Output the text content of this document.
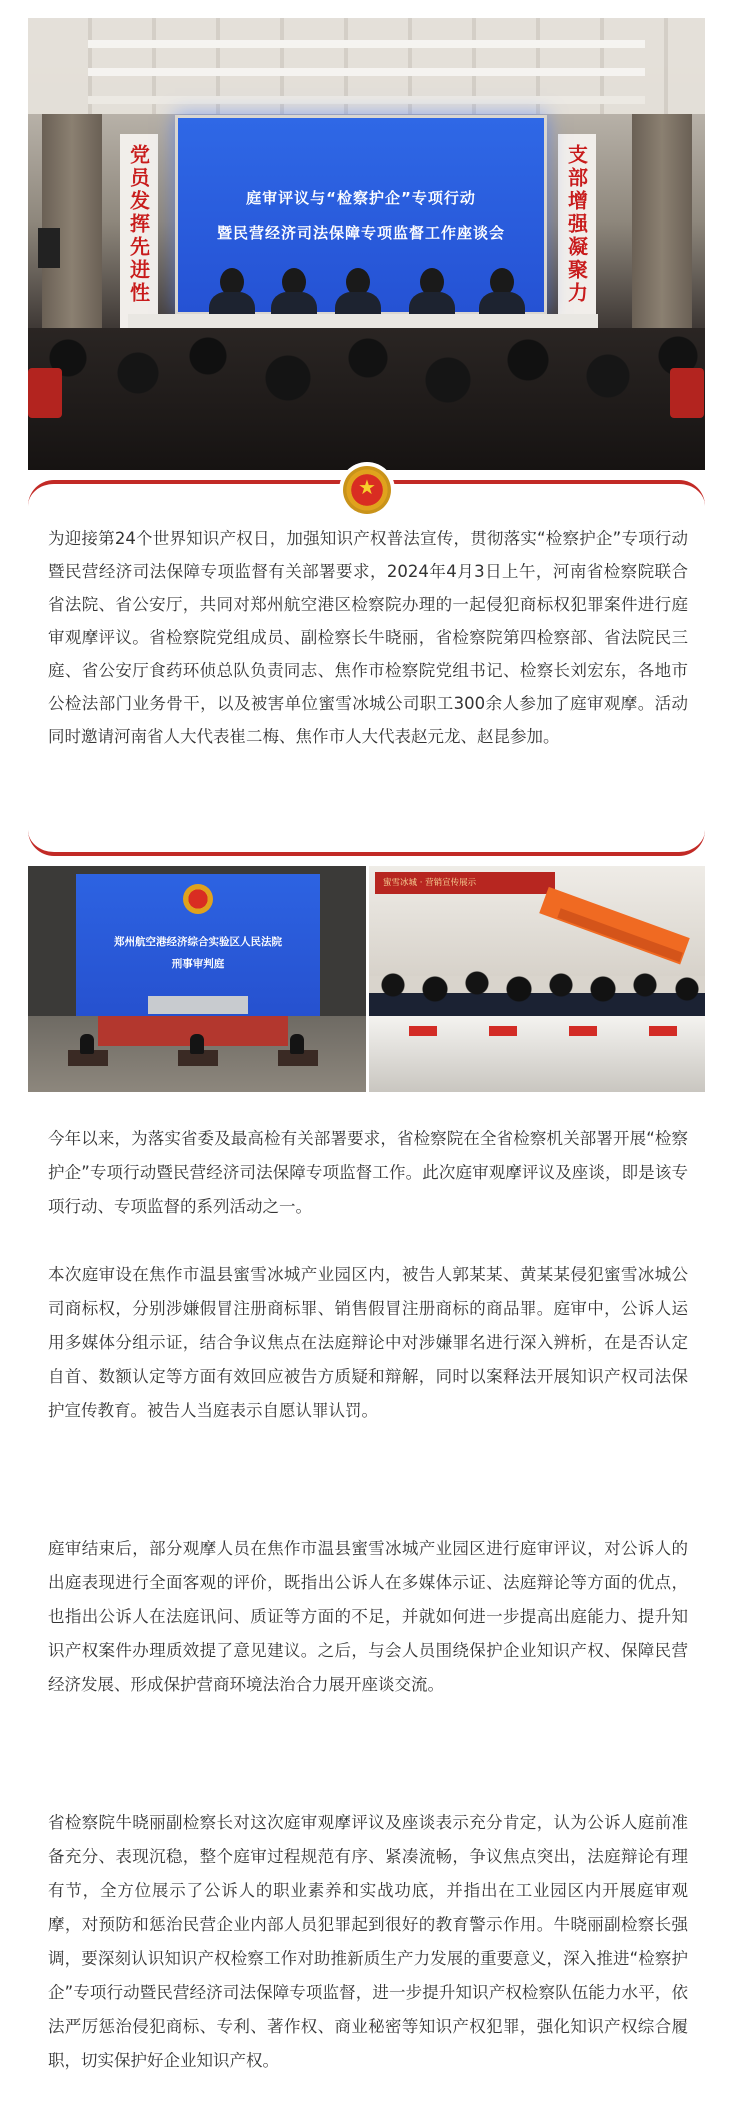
党员发挥先进性	支部增强凝聚力
庭审评议与“检察护企”专项行动
暨民营经济司法保障专项监督工作座谈会
★

为迎接第24个世界知识产权日，加强知识产权普法宣传，贯彻落实“检察护企”专项行动暨民营经济司法保障专项监督有关部署要求，2024年4月3日上午，河南省检察院联合省法院、省公安厅，共同对郑州航空港区检察院办理的一起侵犯商标权犯罪案件进行庭审观摩评议。省检察院党组成员、副检察长牛晓丽，省检察院第四检察部、省法院民三庭、省公安厅食药环侦总队负责同志、焦作市检察院党组书记、检察长刘宏东，各地市公检法部门业务骨干，以及被害单位蜜雪冰城公司职工300余人参加了庭审观摩。活动同时邀请河南省人大代表崔二梅、焦作市人大代表赵元龙、赵昆参加。

郑州航空港经济综合实验区人民法院
刑事审判庭
蜜雪冰城 · 营销宣传展示

今年以来，为落实省委及最高检有关部署要求，省检察院在全省检察机关部署开展“检察护企”专项行动暨民营经济司法保障专项监督工作。此次庭审观摩评议及座谈，即是该专项行动、专项监督的系列活动之一。

本次庭审设在焦作市温县蜜雪冰城产业园区内，被告人郭某某、黄某某侵犯蜜雪冰城公司商标权，分别涉嫌假冒注册商标罪、销售假冒注册商标的商品罪。庭审中，公诉人运用多媒体分组示证，结合争议焦点在法庭辩论中对涉嫌罪名进行深入辨析，在是否认定自首、数额认定等方面有效回应被告方质疑和辩解，同时以案释法开展知识产权司法保护宣传教育。被告人当庭表示自愿认罪认罚。

庭审结束后，部分观摩人员在焦作市温县蜜雪冰城产业园区进行庭审评议，对公诉人的出庭表现进行全面客观的评价，既指出公诉人在多媒体示证、法庭辩论等方面的优点，也指出公诉人在法庭讯问、质证等方面的不足，并就如何进一步提高出庭能力、提升知识产权案件办理质效提了意见建议。之后，与会人员围绕保护企业知识产权、保障民营经济发展、形成保护营商环境法治合力展开座谈交流。

省检察院牛晓丽副检察长对这次庭审观摩评议及座谈表示充分肯定，认为公诉人庭前准备充分、表现沉稳，整个庭审过程规范有序、紧凑流畅，争议焦点突出，法庭辩论有理有节，全方位展示了公诉人的职业素养和实战功底，并指出在工业园区内开展庭审观摩，对预防和惩治民营企业内部人员犯罪起到很好的教育警示作用。牛晓丽副检察长强调，要深刻认识知识产权检察工作对助推新质生产力发展的重要意义，深入推进“检察护企”专项行动暨民营经济司法保障专项监督，进一步提升知识产权检察队伍能力水平，依法严厉惩治侵犯商标、专利、著作权、商业秘密等知识产权犯罪，强化知识产权综合履职，切实保护好企业知识产权。
